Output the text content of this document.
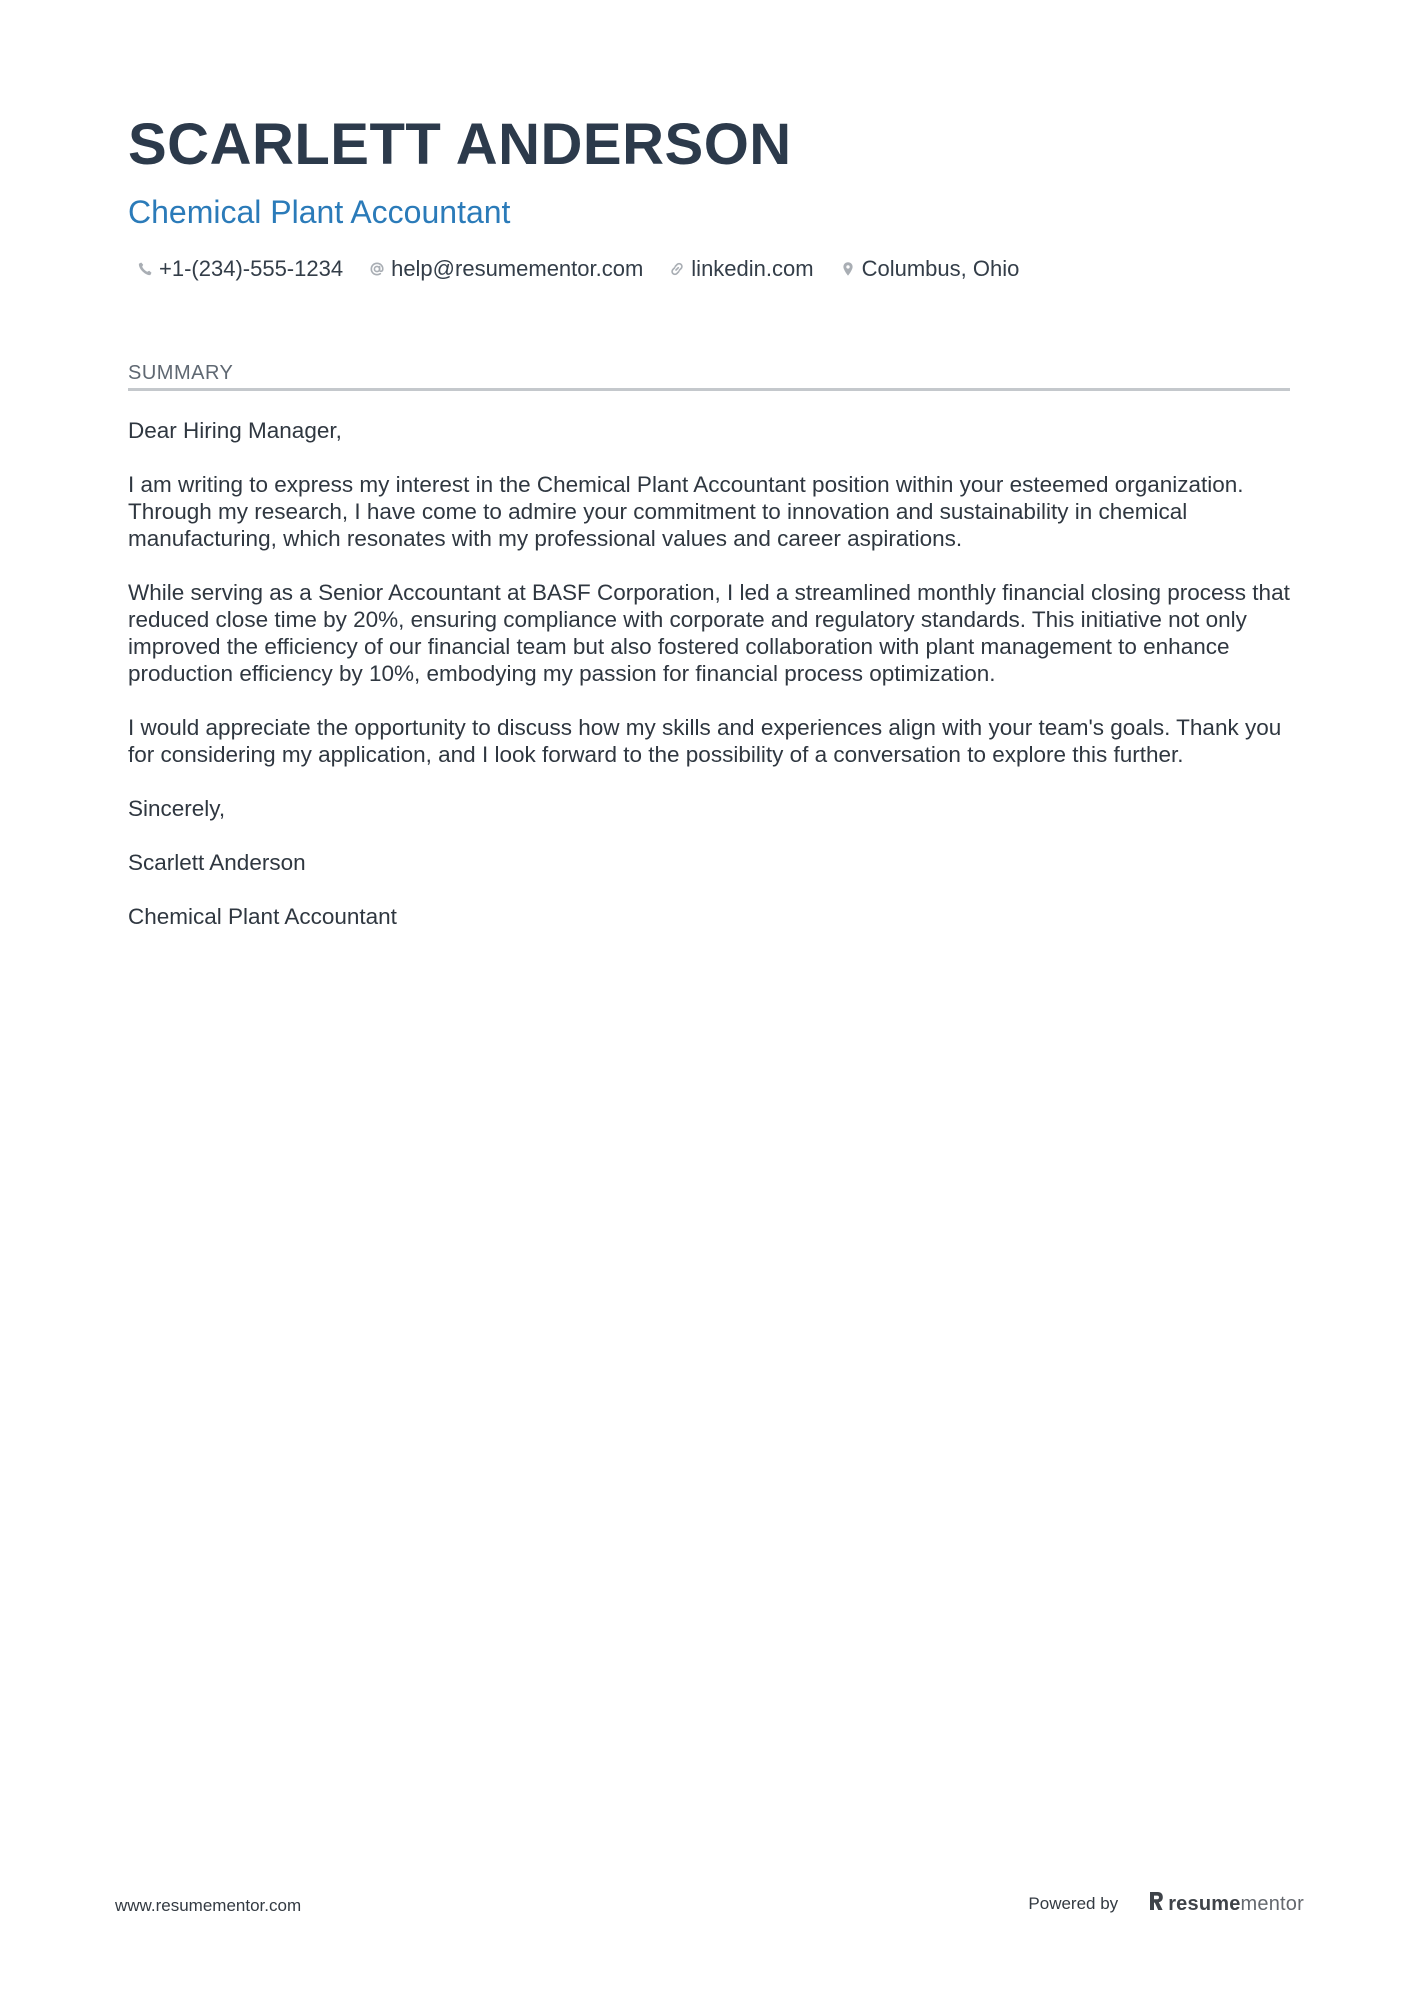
SCARLETT ANDERSON
Chemical Plant Accountant
+1-(234)-555-1234 help@resumementor.com linkedin.com Columbus, Ohio
SUMMARY

Dear Hiring Manager,

I am writing to express my interest in the Chemical Plant Accountant position within your esteemed organization. Through my research, I have come to admire your commitment to innovation and sustainability in chemical manufacturing, which resonates with my professional values and career aspirations.

While serving as a Senior Accountant at BASF Corporation, I led a streamlined monthly financial closing process that reduced close time by 20%, ensuring compliance with corporate and regulatory standards. This initiative not only improved the efficiency of our financial team but also fostered collaboration with plant management to enhance production efficiency by 10%, embodying my passion for financial process optimization.

I would appreciate the opportunity to discuss how my skills and experiences align with your team's goals. Thank you for considering my application, and I look forward to the possibility of a conversation to explore this further.

Sincerely,

Scarlett Anderson

Chemical Plant Accountant

www.resumementor.com	Powered by	resumementor
